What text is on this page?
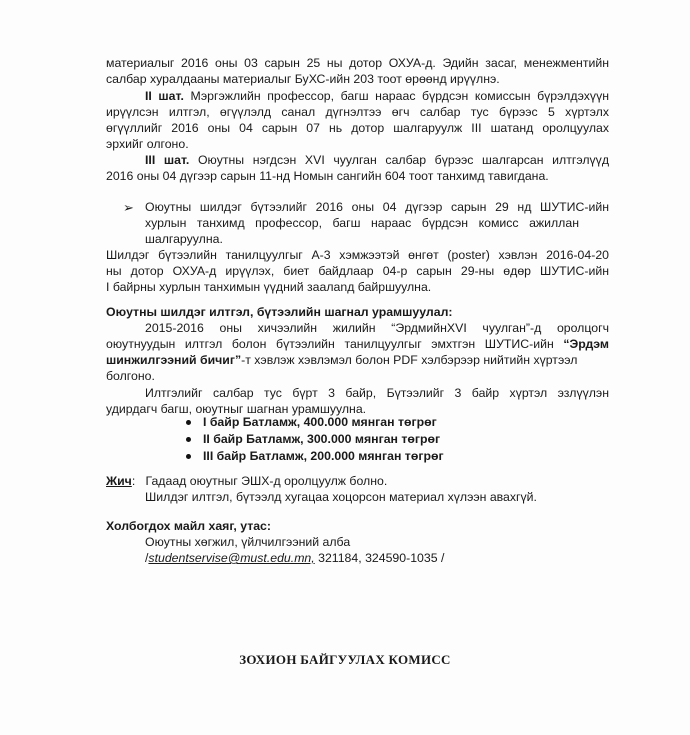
материалыг 2016 оны 03 сарын 25 ны дотор ОХУА-д. Эдийн засаг, менежментийн
салбар хуралдааны материалыг БуХС-ийн 203 тоот өрөөнд ирүүлнэ.
II шат. Мэргэжлийн профессор, багш нараас бүрдсэн комиссын бүрэлдэхүүн
ирүүлсэн илтгэл, өгүүлэлд санал дүгнэлтээ өгч салбар тус бүрээс 5 хүртэлх
өгүүллийг 2016 оны 04 сарын 07 нь дотор шалгаруулж III шатанд оролцуулах
эрхийг олгоно.
III шат. Оюутны нэгдсэн XVI чуулган салбар бүрээс шалгарсан илтгэлүүд
2016 оны 04 дүгээр сарын 11-нд Номын сангийн 604 тоот танхимд тавигдана.
➢ Оюутны шилдэг бүтээлийг 2016 оны 04 дүгээр сарын 29 нд ШУТИС-ийн
хурлын танхимд профессор, багш нараас бүрдсэн комисс ажиллан
шалгаруулна.
Шилдэг бүтээлийн танилцуулгыг А-3 хэмжээтэй өнгөт (poster) хэвлэн 2016-04-20
ны дотор ОХУА-д ирүүлэх, биет байдлаар 04-р сарын 29-ны өдөр ШУТИС-ийн
I байрны хурлын танхимын үүдний заалanд байршуулна.
Оюутны шилдэг илтгэл, бүтээлийн шагнал урамшуулал:
2015-2016 оны хичээлийн жилийн “ЭрдмийнXVI чуулган”-д оролцогч
оюутнуудын илтгэл болон бүтээлийн танилцуулгыг эмхтгэн ШУТИС-ийн “Эрдэм
шинжилгээний бичиг”-т хэвлэж хэвлэмэл болон PDF хэлбэрээр нийтийн хүртээл
болгоно.
Илтгэлийг салбар тус бүрт 3 байр, Бүтээлийг 3 байр хүртэл эзлүүлэн
удирдагч багш, оюутныг шагнан урамшуулна.
I байр Батламж, 400.000 мянган төгрөг
II байр Батламж, 300.000 мянган төгрөг
III байр Батламж, 200.000 мянган төгрөг
Жич: Гадаад оюутныг ЭШХ-д оролцуулж болно.
Шилдэг илтгэл, бүтээлд хугацаа хоцорсон материал хүлээн авахгүй.
Холбогдох майл хаяг, утас:
Оюутны хөгжил, үйлчилгээний алба
/studentservise@must.edu.mn, 321184, 324590-1035 /
ЗОХИОН БАЙГУУЛАХ КОМИСС
